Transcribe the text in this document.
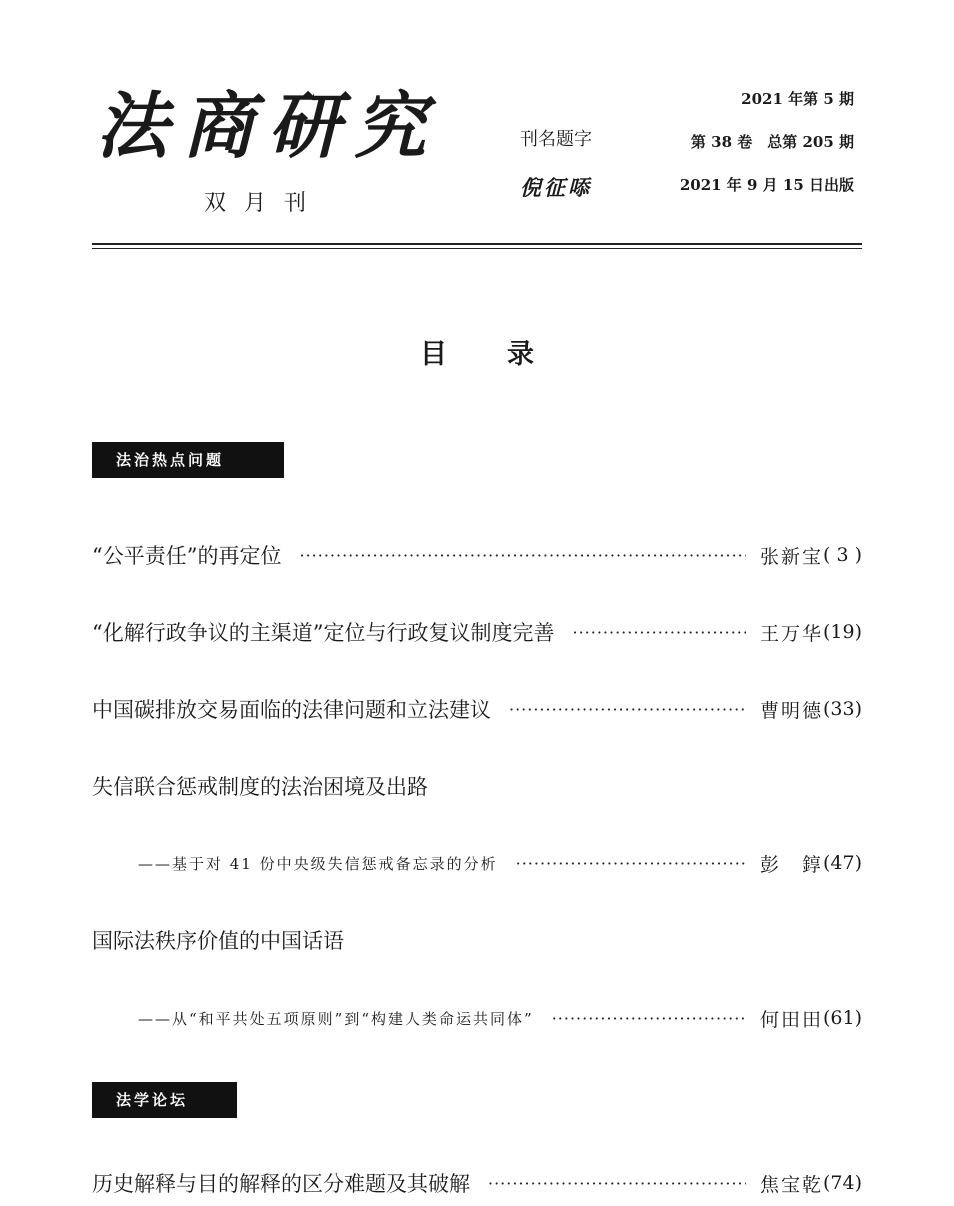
法商研究
双月刊
刊名题字
倪征㖭
2021 年第 5 期
第 38 卷　总第 205 期
2021 年 9 月 15 日出版
目录
法治热点问题
“公平责任”的再定位 ·····	张新宝 ( 3 )
“化解行政争议的主渠道”定位与行政复议制度完善 ·····	王万华 (19)
中国碳排放交易面临的法律问题和立法建议 ·····	曹明德 (33)
失信联合惩戒制度的法治困境及出路
——基于对 41 份中央级失信惩戒备忘录的分析 ·····	彭　錞 (47)
国际法秩序价值的中国话语
——从“和平共处五项原则”到“构建人类命运共同体” ·····	何田田 (61)
法学论坛
历史解释与目的解释的区分难题及其破解 ·····	焦宝乾 (74)
